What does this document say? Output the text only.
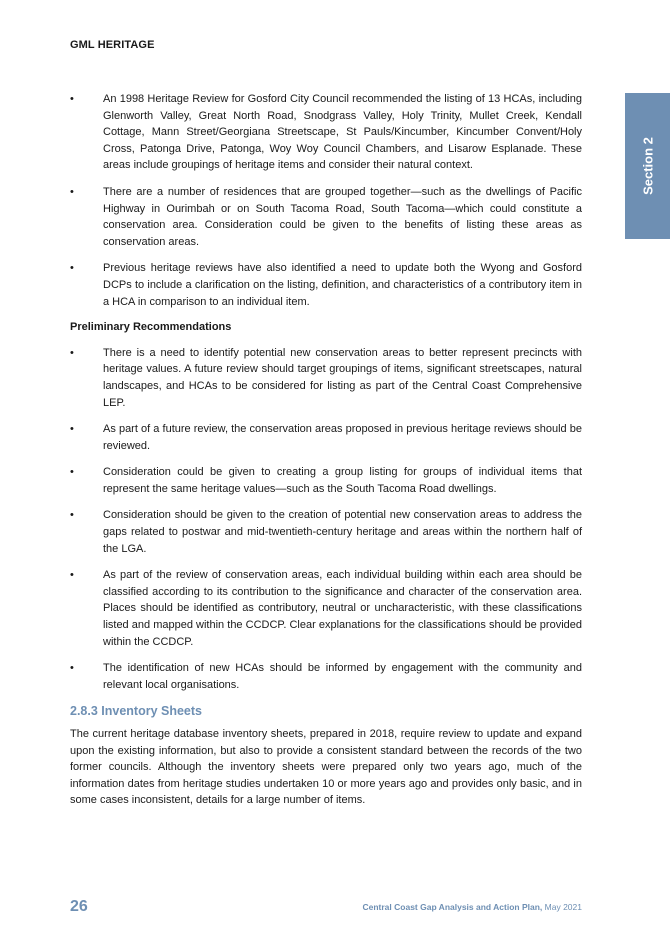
GML HERITAGE
Section 2
•	An 1998 Heritage Review for Gosford City Council recommended the listing of 13 HCAs, including Glenworth Valley, Great North Road, Snodgrass Valley, Holy Trinity, Mullet Creek, Kendall Cottage, Mann Street/Georgiana Streetscape, St Pauls/Kincumber, Kincumber Convent/Holy Cross, Patonga Drive, Patonga, Woy Woy Council Chambers, and Lisarow Esplanade. These areas include groupings of heritage items and consider their natural context.
•	There are a number of residences that are grouped together—such as the dwellings of Pacific Highway in Ourimbah or on South Tacoma Road, South Tacoma—which could constitute a conservation area. Consideration could be given to the benefits of listing these areas as conservation areas.
•	Previous heritage reviews have also identified a need to update both the Wyong and Gosford DCPs to include a clarification on the listing, definition, and characteristics of a contributory item in a HCA in comparison to an individual item.
Preliminary Recommendations
•	There is a need to identify potential new conservation areas to better represent precincts with heritage values. A future review should target groupings of items, significant streetscapes, natural landscapes, and HCAs to be considered for listing as part of the Central Coast Comprehensive LEP.
•	As part of a future review, the conservation areas proposed in previous heritage reviews should be reviewed.
•	Consideration could be given to creating a group listing for groups of individual items that represent the same heritage values—such as the South Tacoma Road dwellings.
•	Consideration should be given to the creation of potential new conservation areas to address the gaps related to postwar and mid-twentieth-century heritage and areas within the northern half of the LGA.
•	As part of the review of conservation areas, each individual building within each area should be classified according to its contribution to the significance and character of the conservation area. Places should be identified as contributory, neutral or uncharacteristic, with these classifications listed and mapped within the CCDCP. Clear explanations for the classifications should be provided within the CCDCP.
•	The identification of new HCAs should be informed by engagement with the community and relevant local organisations.
2.8.3 Inventory Sheets

The current heritage database inventory sheets, prepared in 2018, require review to update and expand upon the existing information, but also to provide a consistent standard between the records of the two former councils. Although the inventory sheets were prepared only two years ago, much of the information dates from heritage studies undertaken 10 or more years ago and provides only basic, and in some cases inconsistent, details for a large number of items.

26	Central Coast Gap Analysis and Action Plan, May 2021
